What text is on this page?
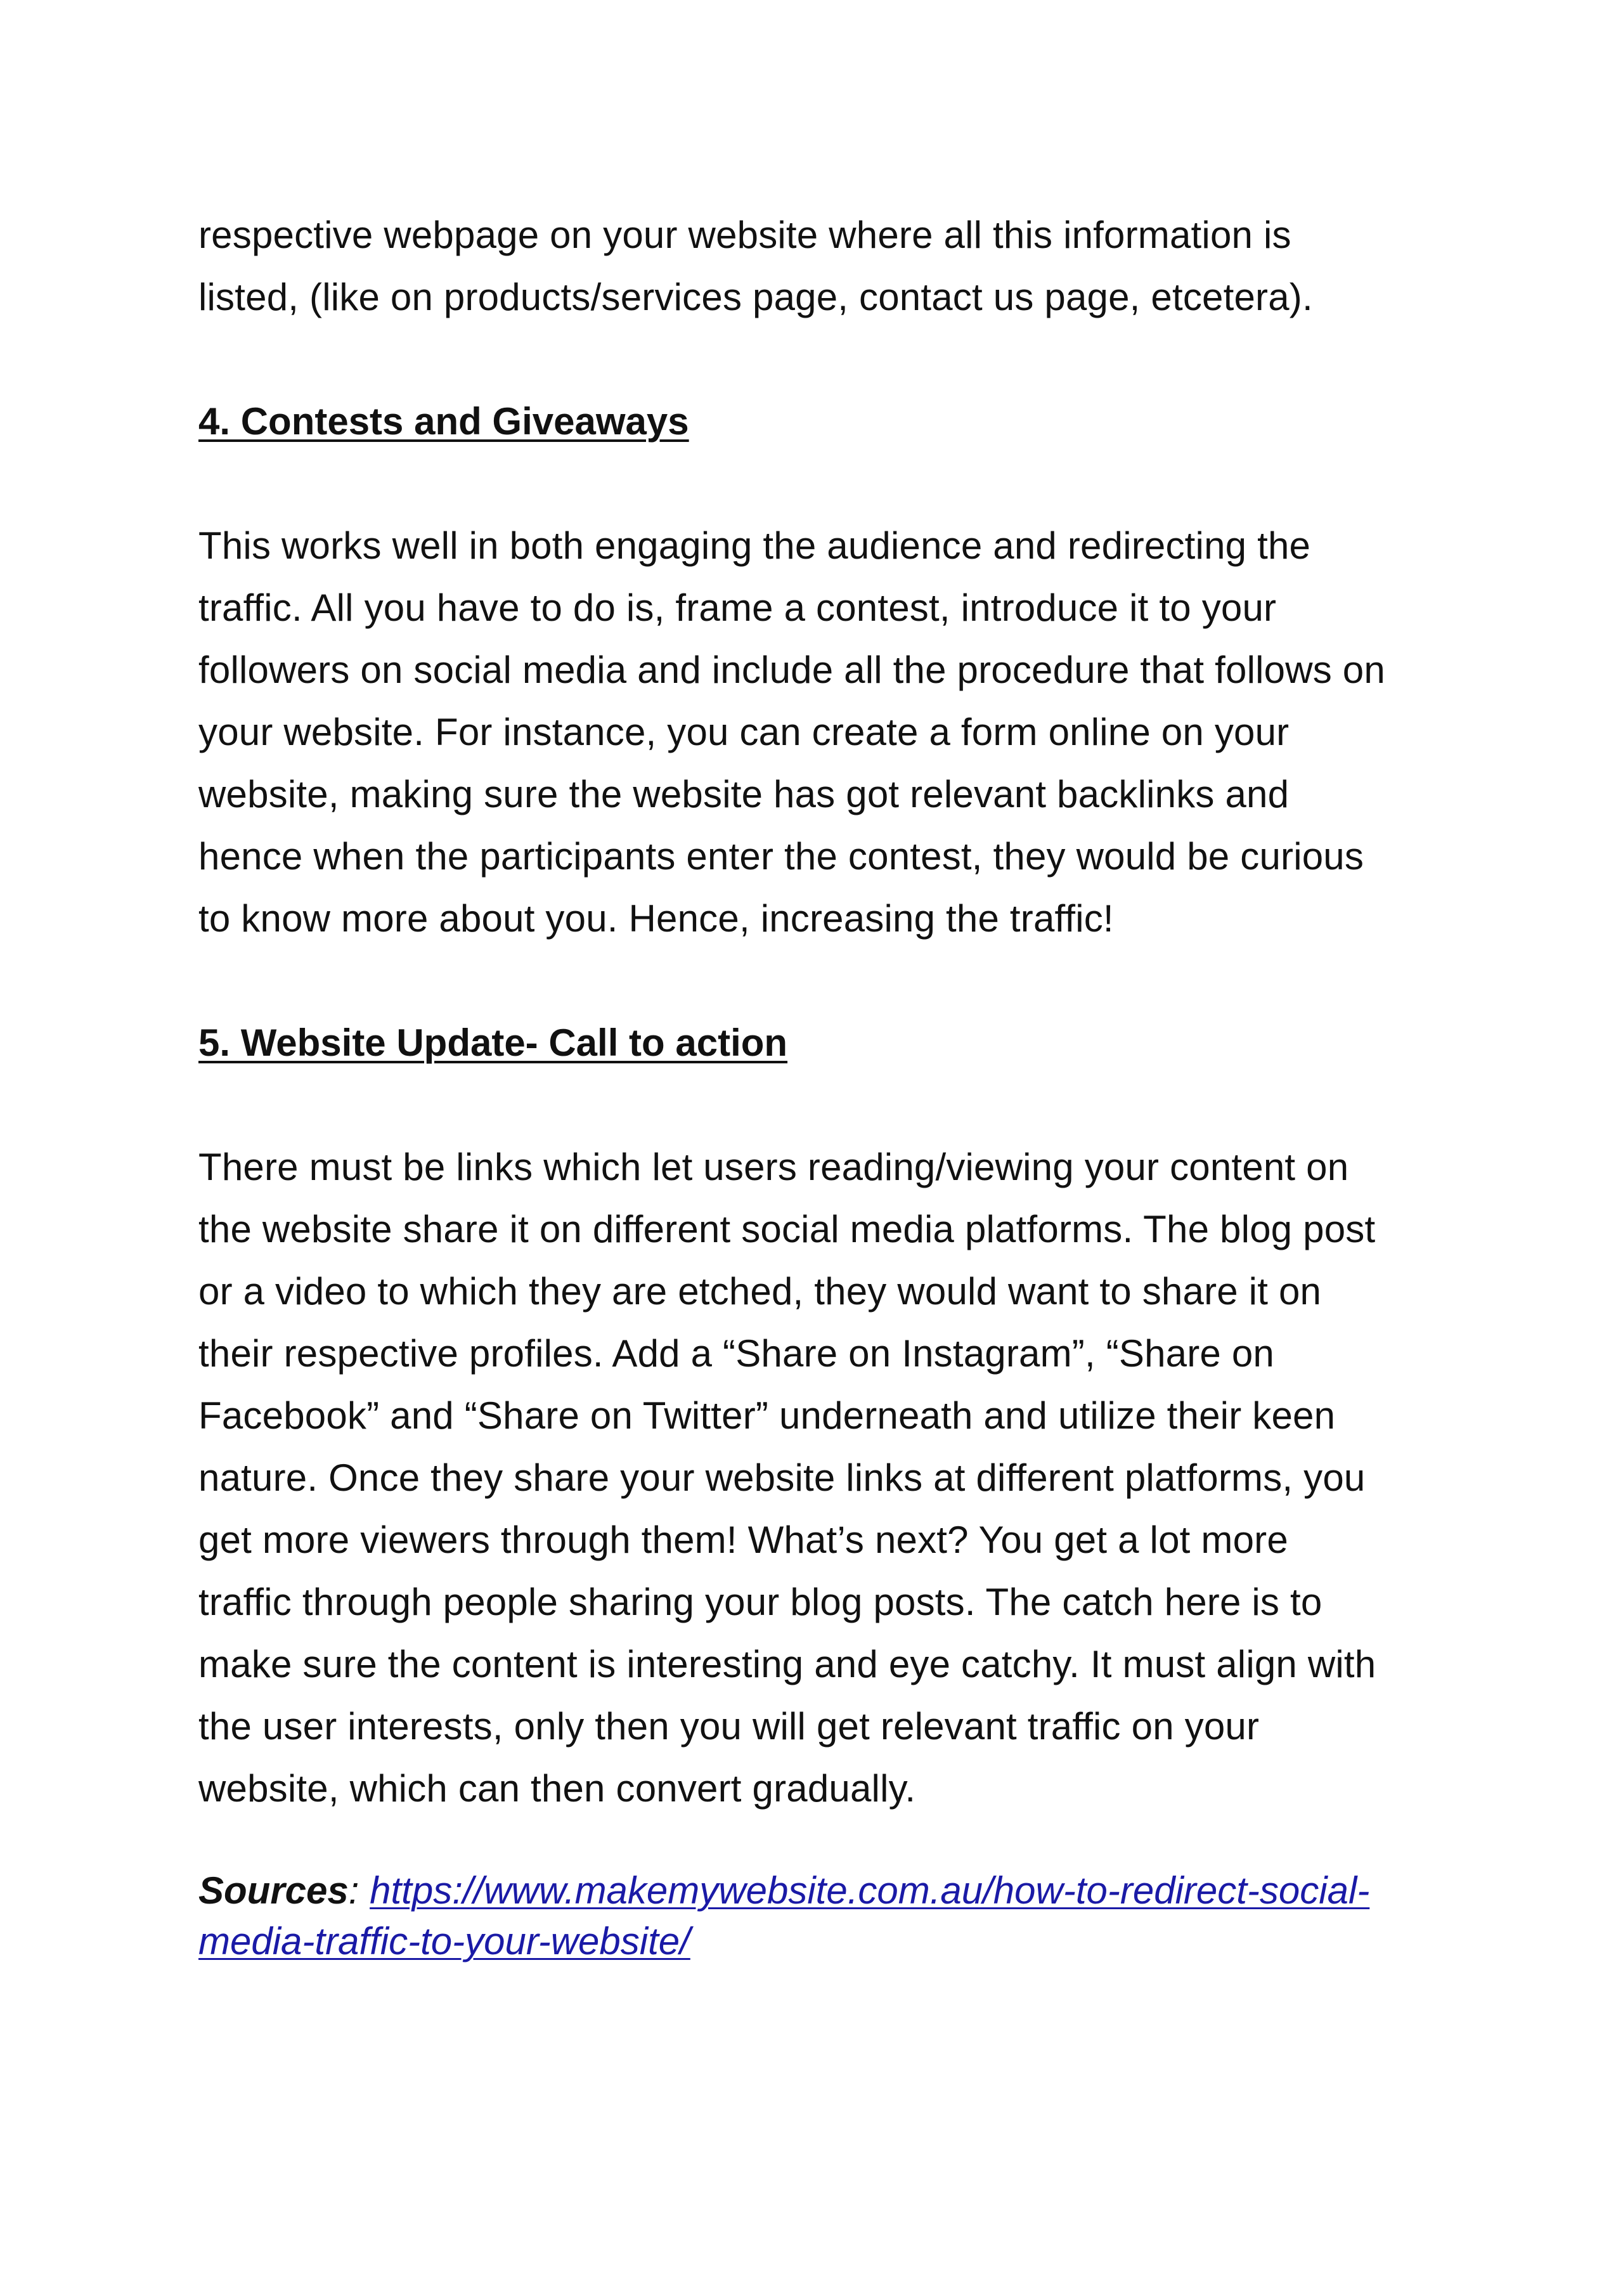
respective webpage on your website where all this information is
listed, (like on products/services page, contact us page, etcetera).

4. Contests and Giveaways

This works well in both engaging the audience and redirecting the
traffic. All you have to do is, frame a contest, introduce it to your
followers on social media and include all the procedure that follows on
your website. For instance, you can create a form online on your
website, making sure the website has got relevant backlinks and
hence when the participants enter the contest, they would be curious
to know more about you. Hence, increasing the traffic!

5. Website Update- Call to action

There must be links which let users reading/viewing your content on
the website share it on different social media platforms. The blog post
or a video to which they are etched, they would want to share it on
their respective profiles. Add a “Share on Instagram”, “Share on
Facebook” and “Share on Twitter” underneath and utilize their keen
nature. Once they share your website links at different platforms, you
get more viewers through them! What’s next? You get a lot more
traffic through people sharing your blog posts. The catch here is to
make sure the content is interesting and eye catchy. It must align with
the user interests, only then you will get relevant traffic on your
website, which can then convert gradually.

Sources: https://www.makemywebsite.com.au/how-to-redirect-social-media-traffic-to-your-website/
